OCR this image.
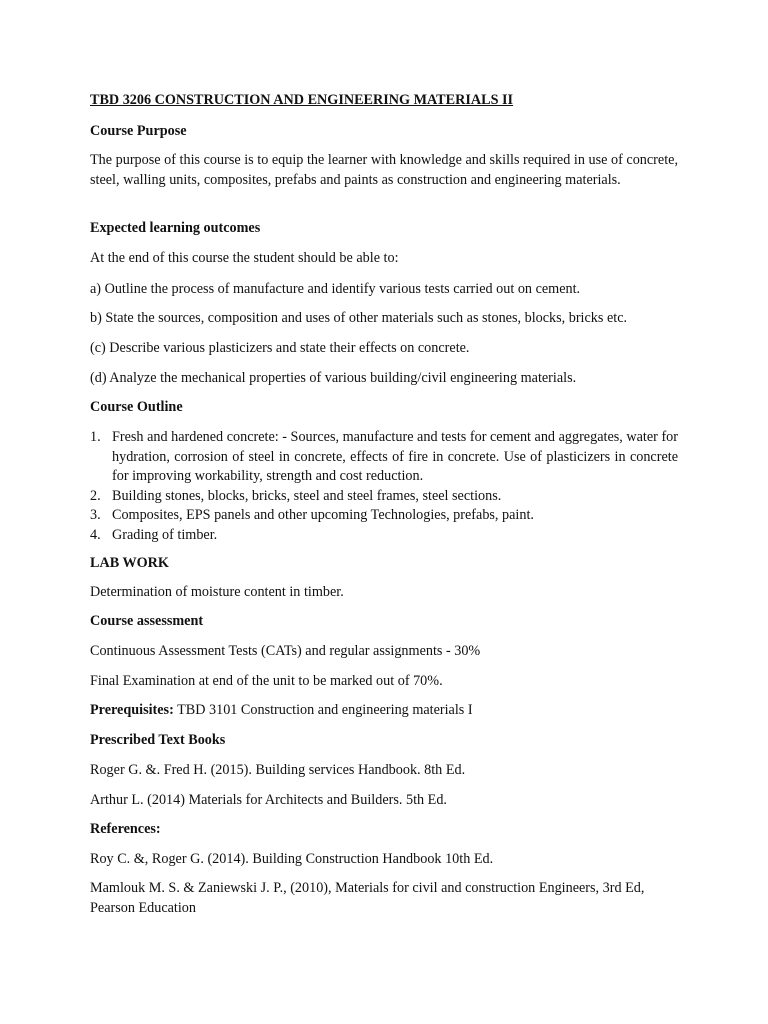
TBD 3206 CONSTRUCTION AND ENGINEERING MATERIALS II
Course Purpose
The purpose of this course is to equip the learner with knowledge and skills required in use of concrete, steel, walling units, composites, prefabs and paints as construction and engineering materials.
Expected learning outcomes
At the end of this course the student should be able to:
a) Outline the process of manufacture and identify various tests carried out on cement.
b) State the sources, composition and uses of other materials such as stones, blocks, bricks etc.
(c) Describe various plasticizers and state their effects on concrete.
(d) Analyze the mechanical properties of various building/civil engineering materials.
Course Outline
1. Fresh and hardened concrete: - Sources, manufacture and tests for cement and aggregates, water for hydration, corrosion of steel in concrete, effects of fire in concrete. Use of plasticizers in concrete for improving workability, strength and cost reduction.
2. Building stones, blocks, bricks, steel and steel frames, steel sections.
3. Composites, EPS panels and other upcoming Technologies, prefabs, paint.
4. Grading of timber.
LAB WORK
Determination of moisture content in timber.
Course assessment
Continuous Assessment Tests (CATs) and regular assignments - 30%
Final Examination at end of the unit to be marked out of 70%.
Prerequisites: TBD 3101 Construction and engineering materials I
Prescribed Text Books
Roger G. &. Fred H. (2015). Building services Handbook. 8th Ed.
Arthur L. (2014) Materials for Architects and Builders. 5th Ed.
References:
Roy C. &, Roger G. (2014). Building Construction Handbook 10th Ed.
Mamlouk M. S. & Zaniewski J. P., (2010), Materials for civil and construction Engineers, 3rd Ed, Pearson Education
